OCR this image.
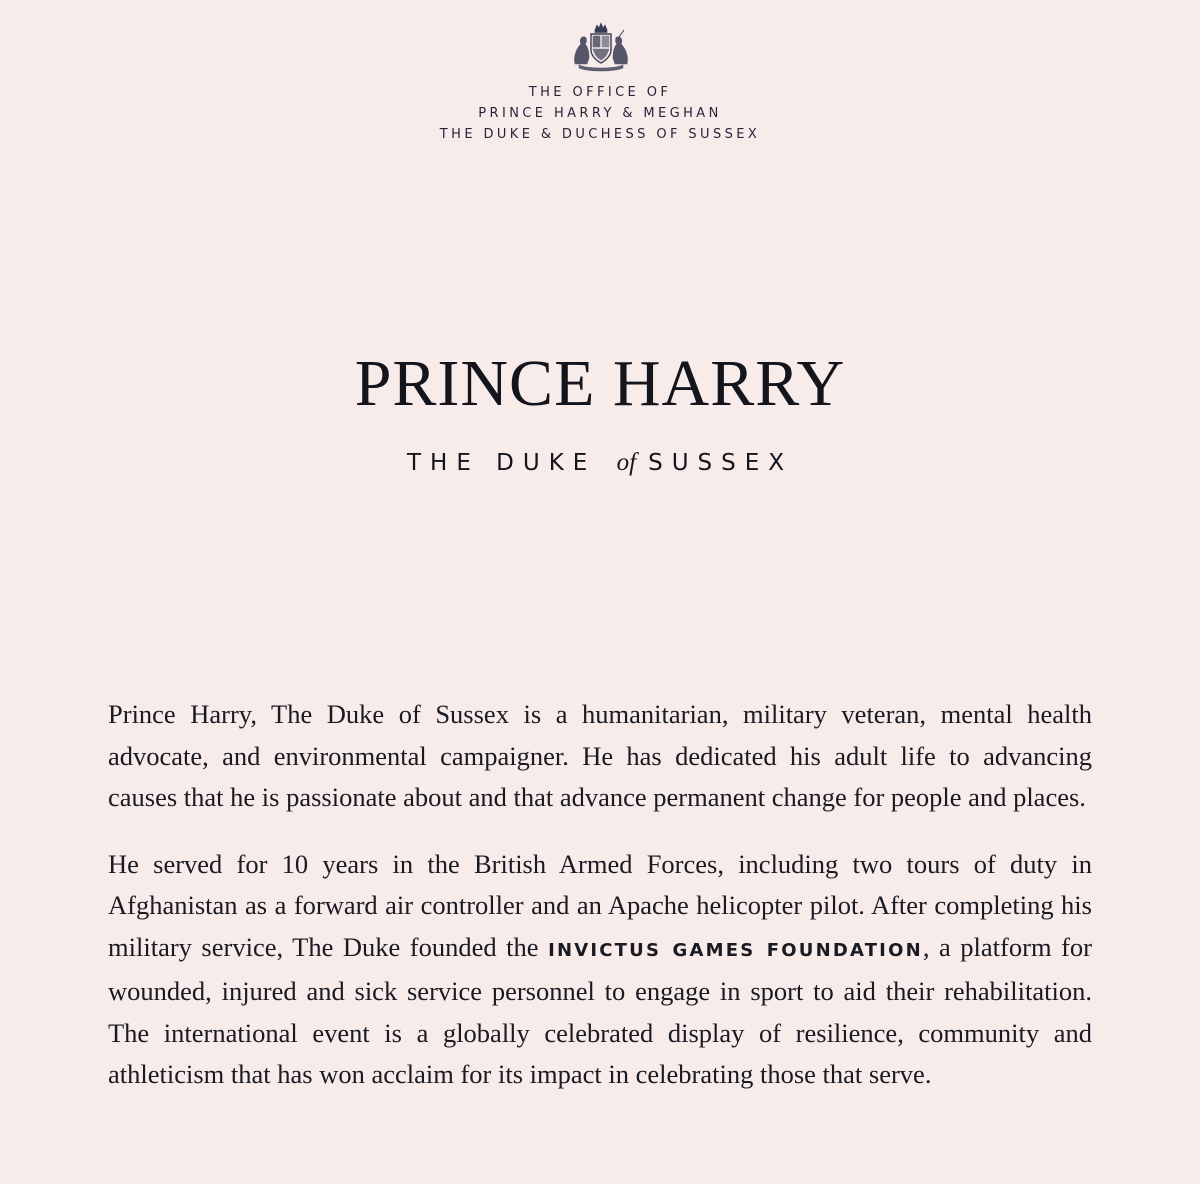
THE OFFICE OF
PRINCE HARRY & MEGHAN
THE DUKE & DUCHESS OF SUSSEX
PRINCE HARRY
THE DUKE of SUSSEX

Prince Harry, The Duke of Sussex is a humanitarian, military veteran, mental health advocate, and environmental campaigner. He has dedicated his adult life to advancing causes that he is passionate about and that advance permanent change for people and places.

He served for 10 years in the British Armed Forces, including two tours of duty in Afghanistan as a forward air controller and an Apache helicopter pilot. After completing his military service, The Duke founded the INVICTUS GAMES FOUNDATION, a platform for wounded, injured and sick service personnel to engage in sport to aid their rehabilitation. The international event is a globally celebrated display of resilience, community and athleticism that has won acclaim for its impact in celebrating those that serve.
